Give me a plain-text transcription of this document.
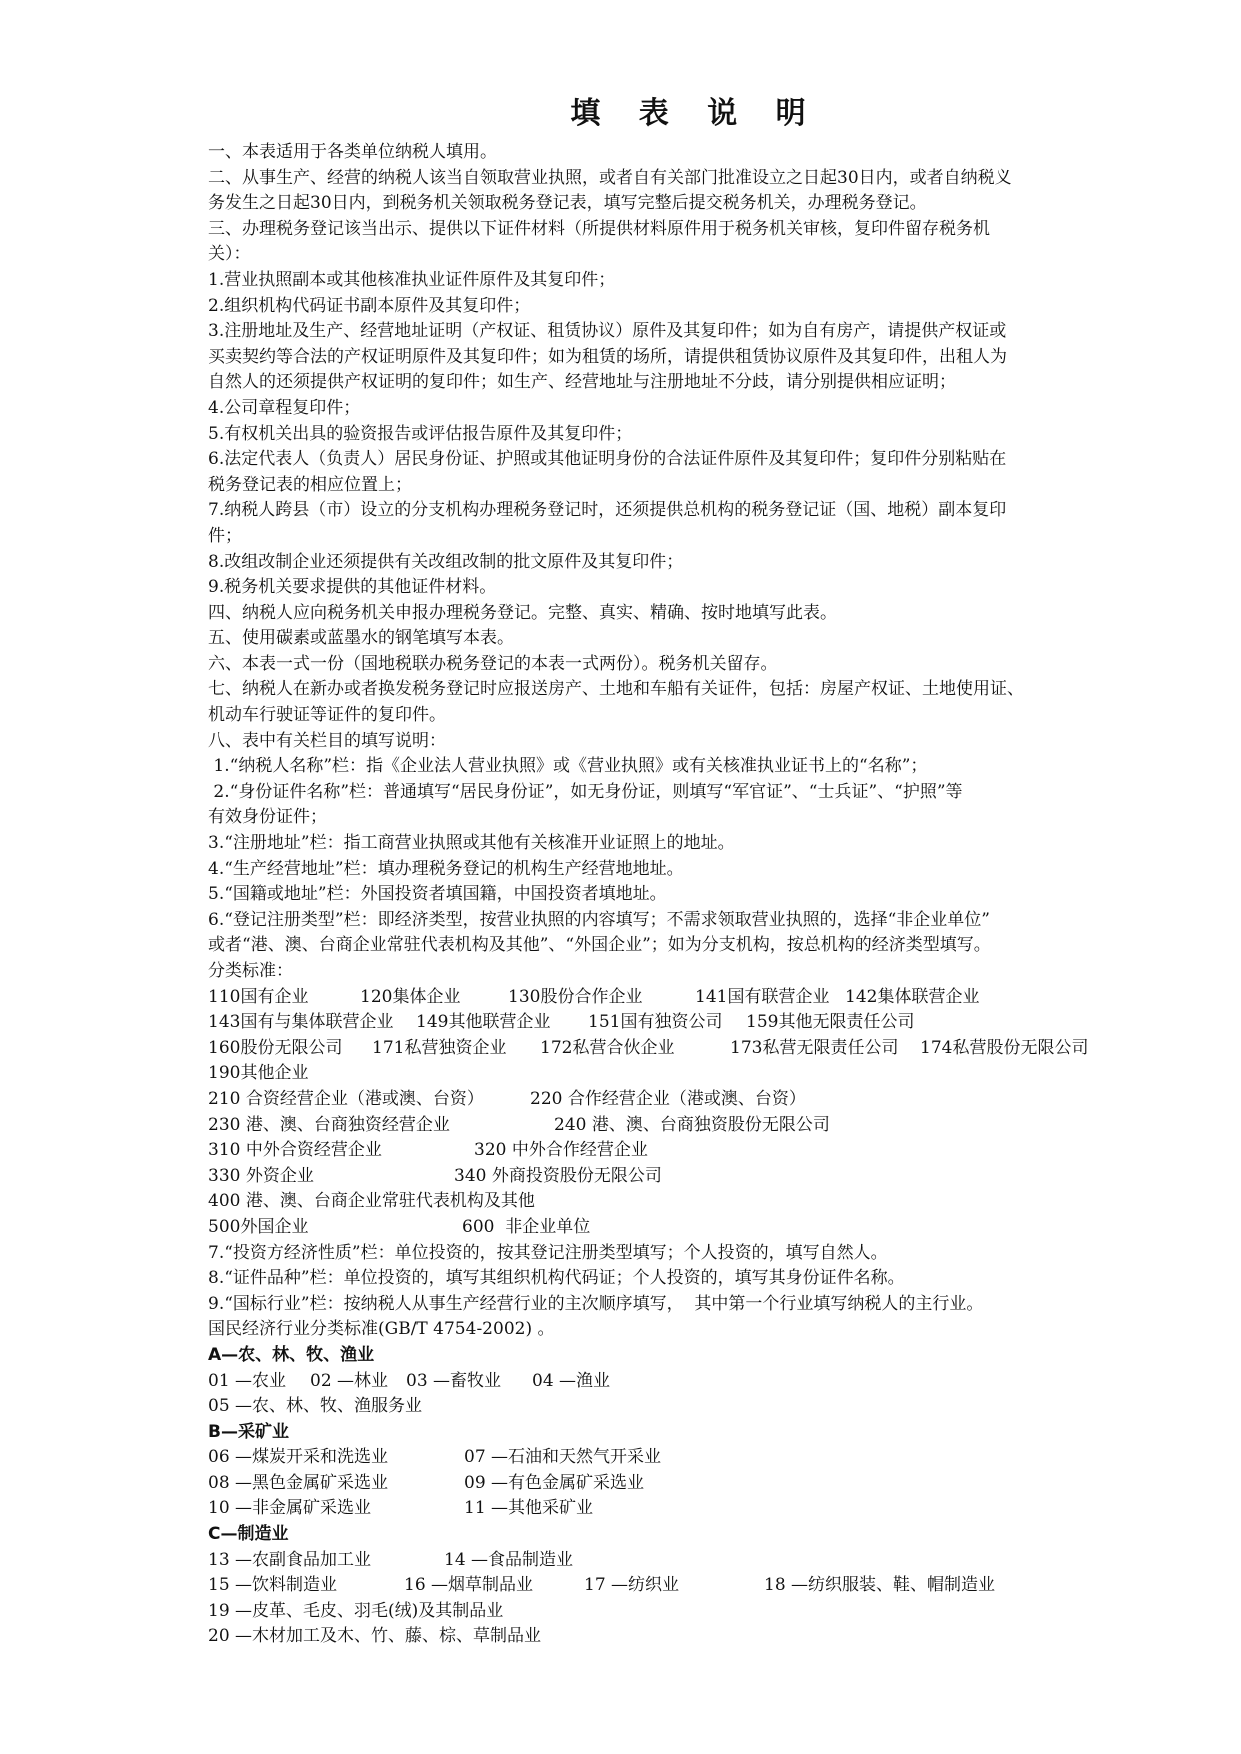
填 表 说 明
一、本表适用于各类单位纳税人填用。
二、从事生产、经营的纳税人该当自领取营业执照，或者自有关部门批准设立之日起30日内，或者自纳税义
务发生之日起30日内，到税务机关领取税务登记表，填写完整后提交税务机关，办理税务登记。
三、办理税务登记该当出示、提供以下证件材料（所提供材料原件用于税务机关审核，复印件留存税务机
关）：
1.营业执照副本或其他核准执业证件原件及其复印件；
2.组织机构代码证书副本原件及其复印件；
3.注册地址及生产、经营地址证明（产权证、租赁协议）原件及其复印件；如为自有房产，请提供产权证或
买卖契约等合法的产权证明原件及其复印件；如为租赁的场所，请提供租赁协议原件及其复印件，出租人为
自然人的还须提供产权证明的复印件；如生产、经营地址与注册地址不分歧，请分别提供相应证明；
4.公司章程复印件；
5.有权机关出具的验资报告或评估报告原件及其复印件；
6.法定代表人（负责人）居民身份证、护照或其他证明身份的合法证件原件及其复印件；复印件分别粘贴在
税务登记表的相应位置上；
7.纳税人跨县（市）设立的分支机构办理税务登记时，还须提供总机构的税务登记证（国、地税）副本复印
件；
8.改组改制企业还须提供有关改组改制的批文原件及其复印件；
9.税务机关要求提供的其他证件材料。
四、纳税人应向税务机关申报办理税务登记。完整、真实、精确、按时地填写此表。
五、使用碳素或蓝墨水的钢笔填写本表。
六、本表一式一份（国地税联办税务登记的本表一式两份）。税务机关留存。
七、纳税人在新办或者换发税务登记时应报送房产、土地和车船有关证件，包括：房屋产权证、土地使用证、
机动车行驶证等证件的复印件。
八、表中有关栏目的填写说明：
1.“纳税人名称”栏：指《企业法人营业执照》或《营业执照》或有关核准执业证书上的“名称”；
2.“身份证件名称”栏：普通填写“居民身份证”，如无身份证，则填写“军官证”、“士兵证”、“护照”等
有效身份证件；
3.“注册地址”栏：指工商营业执照或其他有关核准开业证照上的地址。
4.“生产经营地址”栏：填办理税务登记的机构生产经营地地址。
5.“国籍或地址”栏：外国投资者填国籍，中国投资者填地址。
6.“登记注册类型”栏：即经济类型，按营业执照的内容填写；不需求领取营业执照的，选择“非企业单位”
或者“港、澳、台商企业常驻代表机构及其他”、“外国企业”；如为分支机构，按总机构的经济类型填写。
分类标准：
110国有企业	120集体企业	130股份合作企业	141国有联营企业 142集体联营企业
143国有与集体联营企业	149其他联营企业	151国有独资公司	159其他无限责任公司
160股份无限公司	171私营独资企业	172私营合伙企业	173私营无限责任公司	174私营股份无限公司
190其他企业
210 合资经营企业（港或澳、台资）	220 合作经营企业（港或澳、台资）
230 港、澳、台商独资经营企业	240 港、澳、台商独资股份无限公司
310 中外合资经营企业	320 中外合作经营企业
330 外资企业	340 外商投资股份无限公司
400 港、澳、台商企业常驻代表机构及其他
500外国企业	600  非企业单位
7.“投资方经济性质”栏：单位投资的，按其登记注册类型填写；个人投资的，填写自然人。
8.“证件品种”栏：单位投资的，填写其组织机构代码证；个人投资的，填写其身份证件名称。
9.“国标行业”栏：按纳税人从事生产经营行业的主次顺序填写，  其中第一个行业填写纳税人的主行业。
国民经济行业分类标准(GB/T 4754-2002) 。
A—农、林、牧、渔业
01 —农业	02 —林业	03 —畜牧业	04 —渔业
05 —农、林、牧、渔服务业
B—采矿业
06 —煤炭开采和洗选业	07 —石油和天然气开采业
08 —黑色金属矿采选业	09 —有色金属矿采选业
10 —非金属矿采选业	11 —其他采矿业
C—制造业
13 —农副食品加工业	14 —食品制造业
15 —饮料制造业	16 —烟草制品业	17 —纺织业	18 —纺织服装、鞋、帽制造业
19 —皮革、毛皮、羽毛(绒)及其制品业
20 —木材加工及木、竹、藤、棕、草制品业
